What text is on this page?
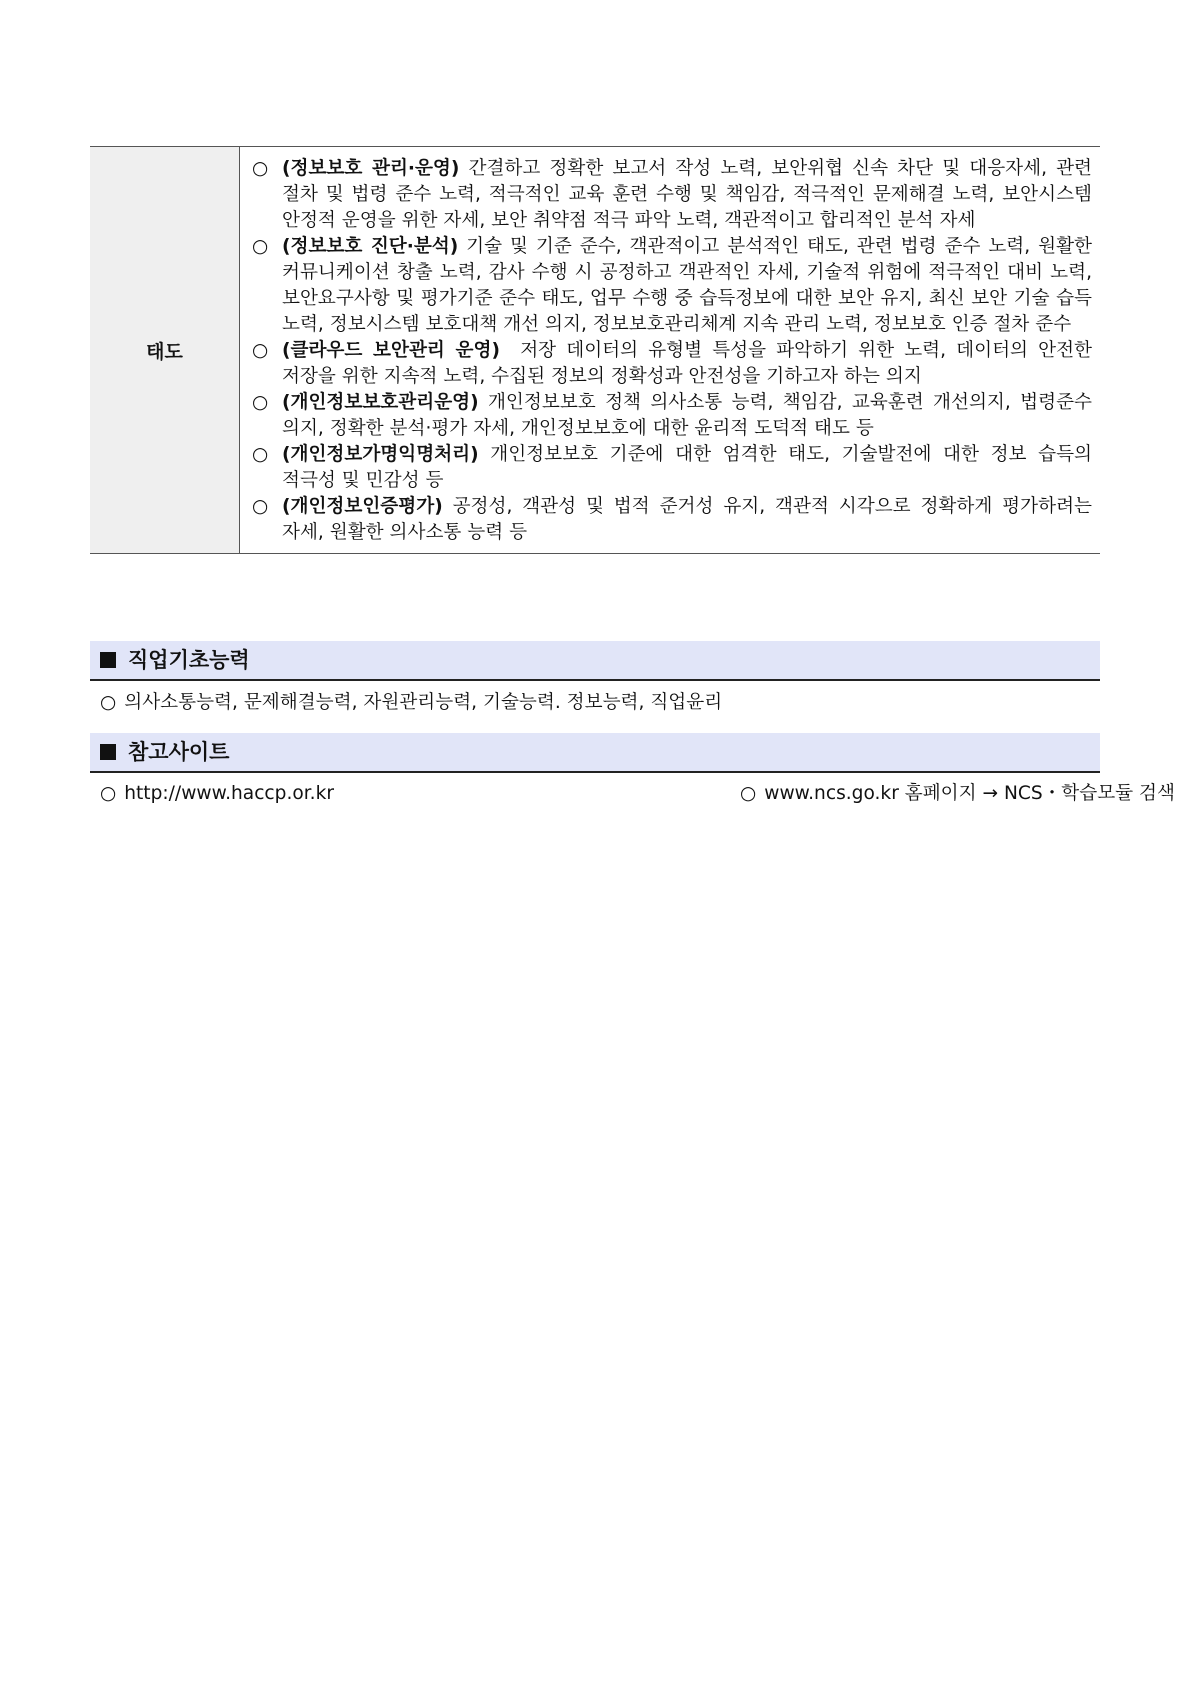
태도	
○ (정보보호 관리·운영) 간결하고 정확한 보고서 작성 노력, 보안위협 신속 차단 및 대응자세, 관련 절차 및 법령 준수 노력, 적극적인 교육 훈련 수행 및 책임감, 적극적인 문제해결 노력, 보안시스템 안정적 운영을 위한 자세, 보안 취약점 적극 파악 노력, 객관적이고 합리적인 분석 자세
○ (정보보호 진단·분석) 기술 및 기준 준수, 객관적이고 분석적인 태도, 관련 법령 준수 노력, 원활한 커뮤니케이션 창출 노력, 감사 수행 시 공정하고 객관적인 자세, 기술적 위험에 적극적인 대비 노력, 보안요구사항 및 평가기준 준수 태도, 업무 수행 중 습득정보에 대한 보안 유지, 최신 보안 기술 습득 노력, 정보시스템 보호대책 개선 의지, 정보보호관리체계 지속 관리 노력, 정보보호 인증 절차 준수
○ (클라우드 보안관리 운영)  저장 데이터의 유형별 특성을 파악하기 위한 노력, 데이터의 안전한 저장을 위한 지속적 노력, 수집된 정보의 정확성과 안전성을 기하고자 하는 의지
○ (개인정보보호관리운영) 개인정보보호 정책 의사소통 능력, 책임감, 교육훈련 개선의지, 법령준수 의지, 정확한 분석·평가 자세, 개인정보보호에 대한 윤리적 도덕적 태도 등
○ (개인정보가명익명처리) 개인정보보호 기준에 대한 엄격한 태도, 기술발전에 대한 정보 습득의 적극성 및 민감성 등
○ (개인정보인증평가) 공정성, 객관성 및 법적 준거성 유지, 객관적 시각으로 정확하게 평가하려는 자세, 원활한 의사소통 능력 등
직업기초능력
○ 의사소통능력, 문제해결능력, 자원관리능력, 기술능력. 정보능력, 직업윤리
참고사이트
○ http://www.haccp.or.kr	○ www.ncs.go.kr 홈페이지 → NCS・학습모듈 검색
